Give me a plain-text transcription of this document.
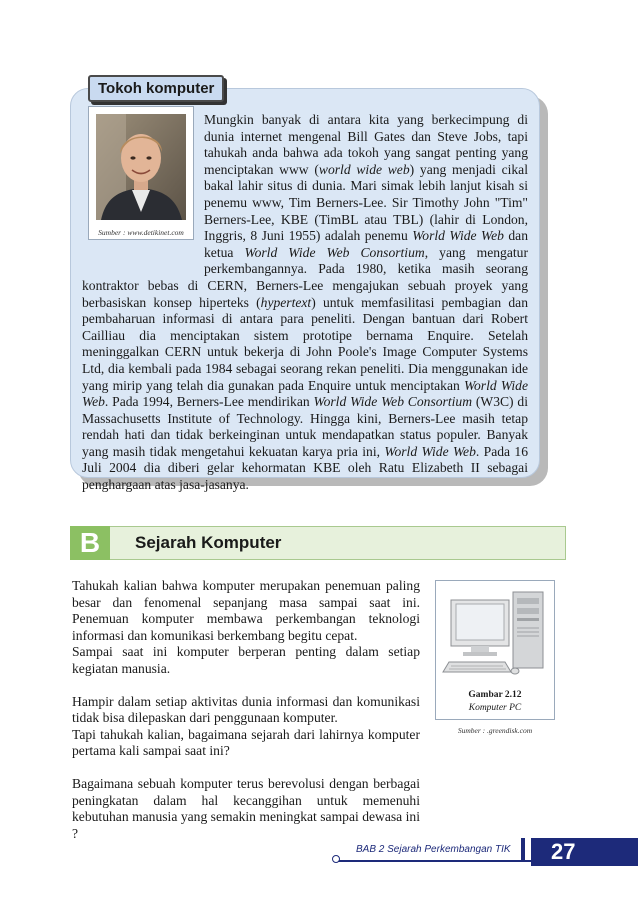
Tokoh komputer
Sumber : www.detikinet.com
Mungkin banyak di antara kita yang berkecimpung di dunia internet mengenal Bill Gates dan Steve Jobs, tapi tahukah anda bahwa ada tokoh yang sangat penting yang menciptakan www (world wide web) yang menjadi cikal bakal lahir situs di dunia. Mari simak lebih lanjut kisah si penemu www, Tim Berners-Lee. Sir Timothy John "Tim" Berners-Lee, KBE (TimBL atau TBL) (lahir di London, Inggris, 8 Juni 1955) adalah penemu World Wide Web dan ketua World Wide Web Consortium, yang mengatur perkembangannya. Pada 1980, ketika masih seorang kontraktor bebas di CERN, Berners-Lee mengajukan sebuah proyek yang berbasiskan konsep hiperteks (hypertext) untuk memfasilitasi pembagian dan pembaharuan informasi di antara para peneliti. Dengan bantuan dari Robert Cailliau dia menciptakan sistem prototipe bernama Enquire. Setelah meninggalkan CERN untuk bekerja di John Poole's Image Computer Systems Ltd, dia kembali pada 1984 sebagai seorang rekan peneliti. Dia menggunakan ide yang mirip yang telah dia gunakan pada Enquire untuk menciptakan World Wide Web. Pada 1994, Berners-Lee mendirikan World Wide Web Consortium (W3C) di Massachusetts Institute of Technology. Hingga kini, Berners-Lee masih tetap rendah hati dan tidak berkeinginan untuk mendapatkan status populer. Banyak yang masih tidak mengetahui kekuatan karya pria ini, World Wide Web. Pada 16 Juli 2004 dia diberi gelar kehormatan KBE oleh Ratu Elizabeth II sebagai penghargaan atas jasa-jasanya.
B	Sejarah Komputer

Tahukah kalian bahwa komputer merupakan penemuan paling besar dan fenomenal sepanjang masa sampai saat ini. Penemuan komputer membawa perkembangan teknologi informasi dan komunikasi berkembang begitu cepat.

Sampai saat ini komputer berperan penting dalam setiap kegiatan manusia.

Hampir dalam setiap aktivitas dunia informasi dan komunikasi tidak bisa dilepaskan dari penggunaan komputer.

Tapi tahukah kalian, bagaimana sejarah dari lahirnya komputer pertama kali sampai saat ini?

Bagaimana sebuah komputer terus berevolusi dengan berbagai peningkatan dalam hal kecanggihan untuk memenuhi kebutuhan manusia yang semakin meningkat sampai dewasa ini ?

Gambar 2.12
Komputer PC
Sumber : .greendisk.com
BAB 2 Sejarah Perkembangan TIK	27
